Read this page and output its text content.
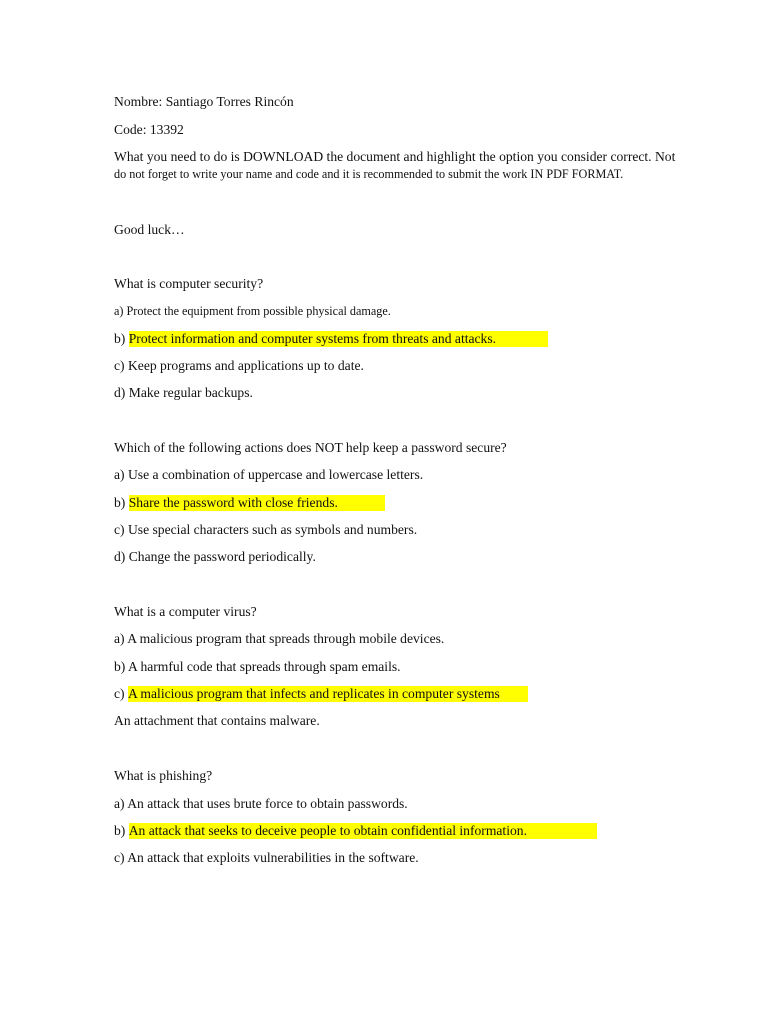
Nombre: Santiago Torres Rincón
Code: 13392
What you need to do is DOWNLOAD the document and highlight the option you consider correct. Not
do not forget to write your name and code and it is recommended to submit the work IN PDF FORMAT.
Good luck…
What is computer security?
a) Protect the equipment from possible physical damage.
b) Protect information and computer systems from threats and attacks.
c) Keep programs and applications up to date.
d) Make regular backups.
Which of the following actions does NOT help keep a password secure?
a) Use a combination of uppercase and lowercase letters.
b) Share the password with close friends.
c) Use special characters such as symbols and numbers.
d) Change the password periodically.
What is a computer virus?
a) A malicious program that spreads through mobile devices.
b) A harmful code that spreads through spam emails.
c) A malicious program that infects and replicates in computer systems
An attachment that contains malware.
What is phishing?
a) An attack that uses brute force to obtain passwords.
b) An attack that seeks to deceive people to obtain confidential information.
c) An attack that exploits vulnerabilities in the software.
